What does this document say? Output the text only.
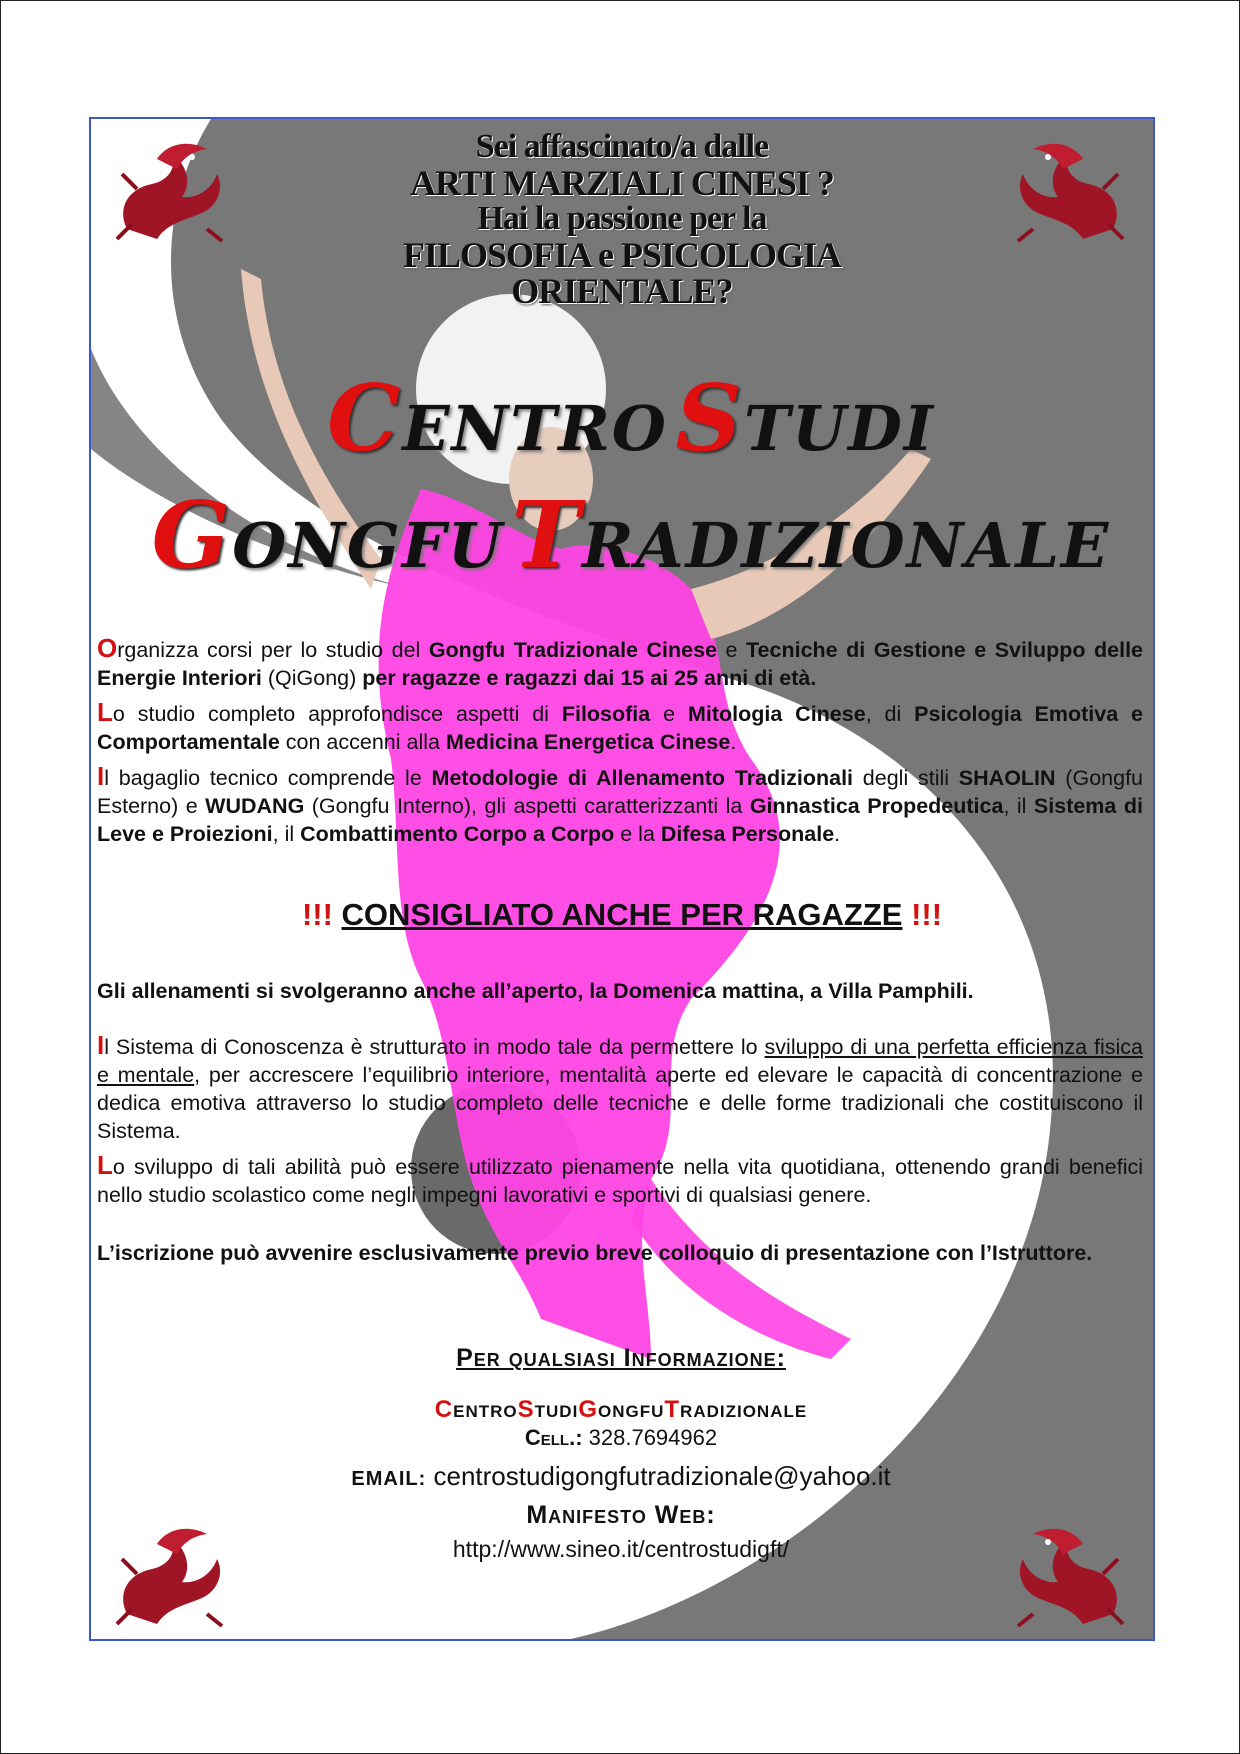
Sei affascinato/a dalle
ARTI MARZIALI CINESI ?
Hai la passione per la
FILOSOFIA e PSICOLOGIA
ORIENTALE?
CENTRO STUDI
GONGFU TRADIZIONALE

Organizza corsi per lo studio del Gongfu Tradizionale Cinese e Tecniche di Gestione e Sviluppo delle Energie Interiori (QiGong) per ragazze e ragazzi dai 15 ai 25 anni di età.

Lo studio completo approfondisce aspetti di Filosofia e Mitologia Cinese, di Psicologia Emotiva e Comportamentale con accenni alla Medicina Energetica Cinese.

Il bagaglio tecnico comprende le Metodologie di Allenamento Tradizionali degli stili SHAOLIN (Gongfu Esterno) e WUDANG (Gongfu Interno), gli aspetti caratterizzanti la Ginnastica Propedeutica, il Sistema di Leve e Proiezioni, il Combattimento Corpo a Corpo e la Difesa Personale.

!!! CONSIGLIATO ANCHE PER RAGAZZE !!!
Gli allenamenti si svolgeranno anche all’aperto, la Domenica mattina, a Villa Pamphili.

Il Sistema di Conoscenza è strutturato in modo tale da permettere lo sviluppo di una perfetta efficienza fisica e mentale, per accrescere l’equilibrio interiore, mentalità aperte ed elevare le capacità di concentrazione e dedica emotiva attraverso lo studio completo delle tecniche e delle forme tradizionali che costituiscono il Sistema.

Lo sviluppo di tali abilità può essere utilizzato pienamente nella vita quotidiana, ottenendo grandi benefici nello studio scolastico come negli impegni lavorativi e sportivi di qualsiasi genere.

L’iscrizione può avvenire esclusivamente previo breve colloquio di presentazione con l’Istruttore.

Per qualsiasi Informazione:
CentroStudiGongfuTradizionale
Cell.: 328.7694962
EMAIL: centrostudigongfutradizionale@yahoo.it
Manifesto Web:
http://www.sineo.it/centrostudigft/
